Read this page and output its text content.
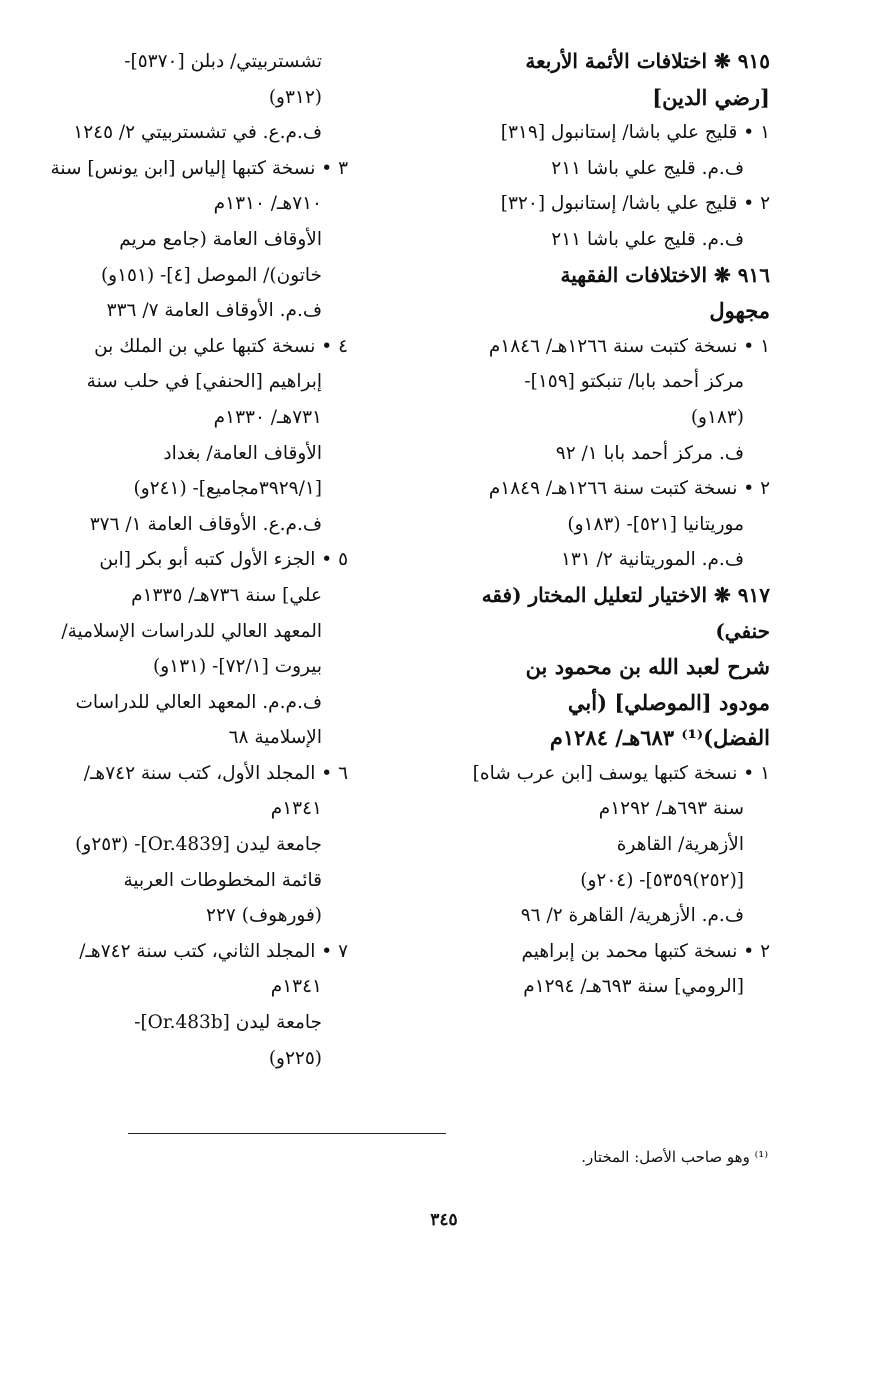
٩١٥ ❋ اختلافات الأئمة الأربعة
[رضي الدين]
١ • قليج علي باشا/ إستانبول [٣١٩]
ف.م. قليج علي باشا ٢١١
٢ • قليج علي باشا/ إستانبول [٣٢٠]
ف.م. قليج علي باشا ٢١١
٩١٦ ❋ الاختلافات الفقهية
مجهول
١ • نسخة كتبت سنة ١٢٦٦هـ/ ١٨٤٦م
مركز أحمد بابا/ تنبكتو [١٥٩]-
(١٨٣و)
ف. مركز أحمد بابا ١/ ٩٢
٢ • نسخة كتبت سنة ١٢٦٦هـ/ ١٨٤٩م
موريتانيا [٥٢١]- (١٨٣و)
ف.م. الموريتانية ٢/ ١٣١
٩١٧ ❋ الاختيار لتعليل المختار (فقه
حنفي)
شرح لعبد الله بن محمود بن
مودود [الموصلي] (أبي
الفضل)⁽¹⁾ ٦٨٣هـ/ ١٢٨٤م
١ • نسخة كتبها يوسف [ابن عرب شاه]
سنة ٦٩٣هـ/ ١٢٩٢م
الأزهرية/ القاهرة
[(٢٥٢)٥٣٥٩]- (٢٠٤و)
ف.م. الأزهرية/ القاهرة ٢/ ٩٦
٢ • نسخة كتبها محمد بن إبراهيم
[الرومي] سنة ٦٩٣هـ/ ١٢٩٤م
تشستربيتي/ دبلن [٥٣٧٠]-
(٣١٢و)
ف.م.ع. في تشستربيتي ٢/ ١٢٤٥
٣ • نسخة كتبها إلياس [ابن يونس] سنة
٧١٠هـ/ ١٣١٠م
الأوقاف العامة (جامع مريم
خاتون)/ الموصل [٤]- (١٥١و)
ف.م. الأوقاف العامة ٧/ ٣٣٦
٤ • نسخة كتبها علي بن الملك بن
إبراهيم [الحنفي] في حلب سنة
٧٣١هـ/ ١٣٣٠م
الأوقاف العامة/ بغداد
[٣٩٢٩/١مجاميع]- (٢٤١و)
ف.م.ع. الأوقاف العامة ١/ ٣٧٦
٥ • الجزء الأول كتبه أبو بكر [ابن
علي] سنة ٧٣٦هـ/ ١٣٣٥م
المعهد العالي للدراسات الإسلامية/
بيروت [٧٢/١]- (١٣١و)
ف.م.م. المعهد العالي للدراسات
الإسلامية ٦٨
٦ • المجلد الأول، كتب سنة ٧٤٢هـ/
١٣٤١م
جامعة ليدن [Or.4839]- (٢٥٣و)
قائمة المخطوطات العربية
(فورهوف) ٢٢٧
٧ • المجلد الثاني، كتب سنة ٧٤٢هـ/
١٣٤١م
جامعة ليدن [Or.483b]-
(٢٢٥و)
⁽¹⁾ وهو صاحب الأصل: المختار.
٣٤٥
